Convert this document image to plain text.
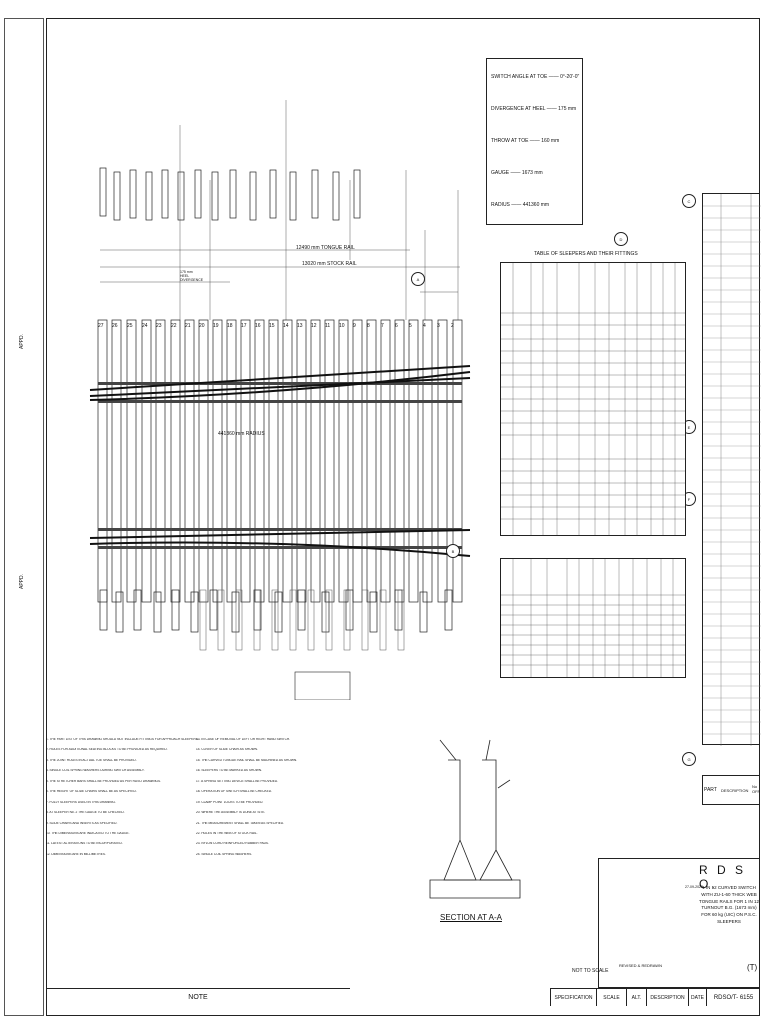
APPD.
APPD.
12490 mm TONGUE RAIL
13020 mm STOCK RAIL
441360 mm RADIUS
175 mm HEEL DIVERGENCE
27 26 25 24 23 22 21 20 19 18 17 16 15 14 13 12 11 10 9 8 7 6 5 4 3 2
A
B
C
D
E
F
G
SWITCH ANGLE AT TOE —— 0°-20'-0"
DIVERGENCE AT HEEL —— 175 mm
THROW AT TOE —— 160 mm
GAUGE —— 1673 mm
RADIUS —— 441360 mm
TABLE OF SLEEPERS AND THEIR FITTINGS
PART DESCRIPTION
No OFF
SECTION AT A-A
1. THE PART LIST OF THIS DRAWING SHOULD NOT INCLUDE FITTINGS FOR APPROACH SLEEPERS.
2. HOLES FOR ADDITIONAL SEATING BLOCKS TO BE PROVIDED AS REQUIRED.
3. THE JOINT HOLES IN ACTUAL TOE SHALL BE PROVIDED.
4. SINGLE COIL SPRING WASHERS DURING SWITCH ASSEMBLY.
5. THE STRETCHER BARS SHALL BE PROVIDED AS PER RDSO DRAWINGS.
6. THE HEIGHT OF SLIDE CHAIRS SHALL BE AS SPECIFIED.
7. FULLY SLEEPERS USED IN THIS DRAWING.
8. AT SLEEPER No. 2 THE GAUGE TO BE CHECKED.
9. SLIDE CHAIRS AND INSERTS AS SPECIFIED.
10. THE DIMENSIONS ARE INDICATED TO THE GAUGE.
11. LATEST ALTERATIONS TO BE INCORPORATED.
12. DIMENSIONS ARE IN MILLIMETRES.
13. IN CASE OF REMOVAL OF LEFT OR RIGHT HAND SWITCH.
14. COVER OF SLIDE CHAIR AS SHOWN.
15. THE CURVED TONGUE RAIL SHALL BE MACHINED AS SHOWN.
16. SLEEPERS TO BE MARKED AS SHOWN.
17. A SPRING SETTING DEVICE SHALL BE PROVIDED.
18. OPERATION OF SWITCH SHALL BE CHECKED.
19. CLAMP POINT LOCKS TO BE PROVIDED.
20. WHERE THE ASSEMBLY IS DONE AT SITE.
21. THE MEASUREMENT SHALL BE TAKEN AS SPECIFIED.
22. HOLES IN THE WEB OF STOCK RAIL.
23. NYLON CORD REINFORCED RUBBER PADS.
24. SINGLE COIL SPRING WASHERS.
NOTE
R D S O.
1 IN 12 CURVED SWITCH WITH ZU-1-60 THICK WEB TONGUE RAILS FOR 1 IN 12 TURNOUT B.G. (1673 mm) FOR 60 kg (UIC) ON P.S.C. SLEEPERS
27-09-2022
REVISED & REDRAWN	(T)
NOT TO SCALE
SPECIFICATION SCALE ALT. DESCRIPTION DATE RDSO/T- 6155
